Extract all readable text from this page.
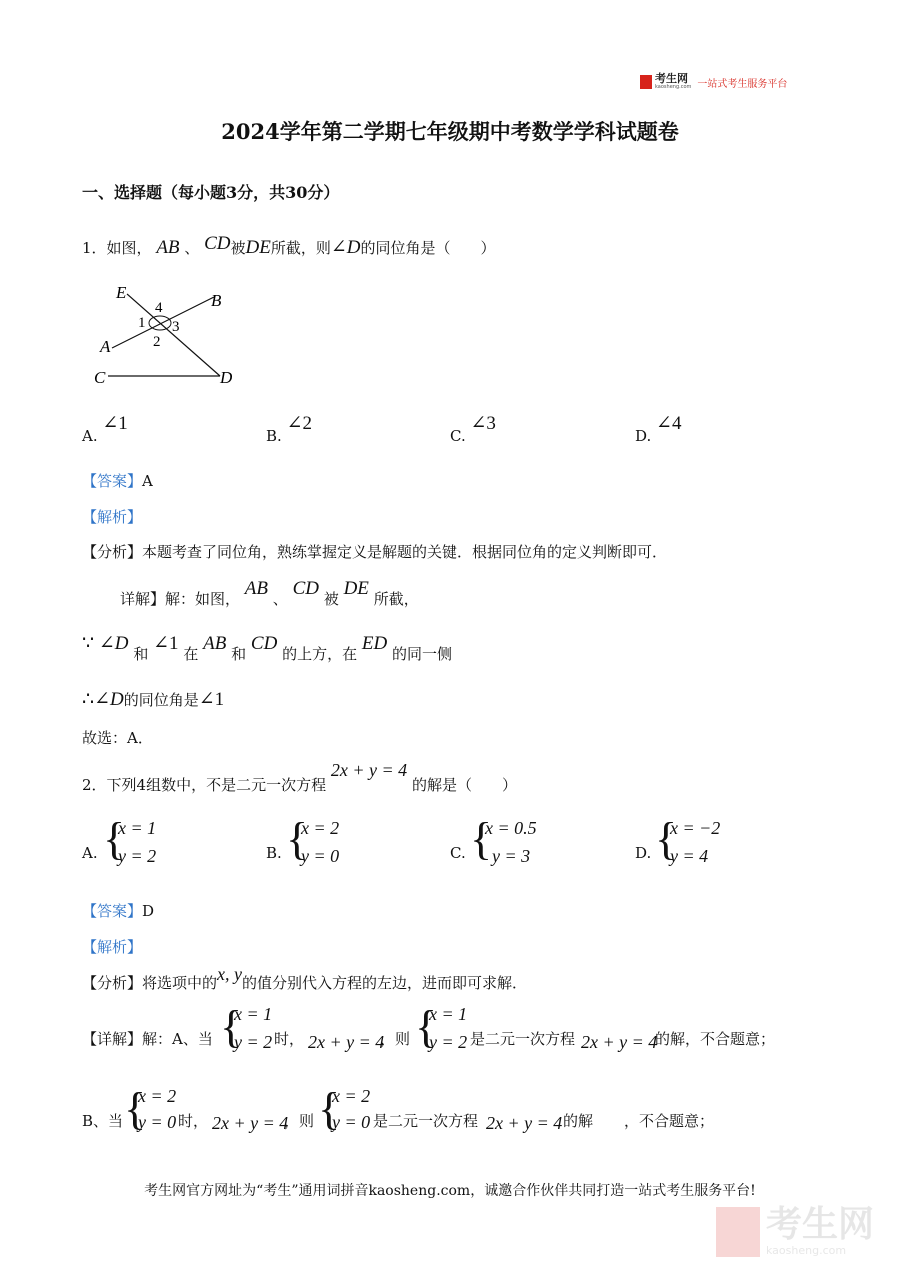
考生网
kaosheng.com 一站式考生服务平台
2024学年第二学期七年级期中考数学学科试题卷
一、选择题（每小题3分，共30分）
1．如图， AB 、 CD被DE所截，则∠D的同位角是（　　）
E
4	B
1 3
A	2
C	D
A. ∠1
B. ∠2
C. ∠3
D. ∠4
【答案】A
【解析】
【分析】本题考查了同位角，熟练掌握定义是解题的关键．根据同位角的定义判断即可．
详解】解：如图， AB 、 CD 被 DE 所截，
∵ ∠D 和 ∠1 在 AB 和 CD 的上方，在 ED 的同一侧
∴∠D的同位角是∠1
故选：A．
2．下列4组数中，不是二元一次方程 2x + y = 4 的解是（　　）
A. {
x = 1
y = 2	B. {
x = 2
y = 0	C. {
x = 0.5
y = 3	D. {
x = −2
y = 4
【答案】D
【解析】
【分析】将选项中的x, y的值分别代入方程的左边，进而即可求解．
【详解】解：A、当 {
x = 1
y = 2 时， 2x + y = 4
，则 {
x = 1
y = 2 是二元一次方程 2x + y = 4
的解，不合题意；
B、当 {
x = 2
y = 0 时， 2x + y = 4
，则 {
x = 2
y = 0 是二元一次方程 2x + y = 4 的解 ，不合题意；
考生网官方网址为“考生”通用词拼音kaosheng.com，诚邀合作伙伴共同打造一站式考生服务平台!
考生网
kaosheng.com
